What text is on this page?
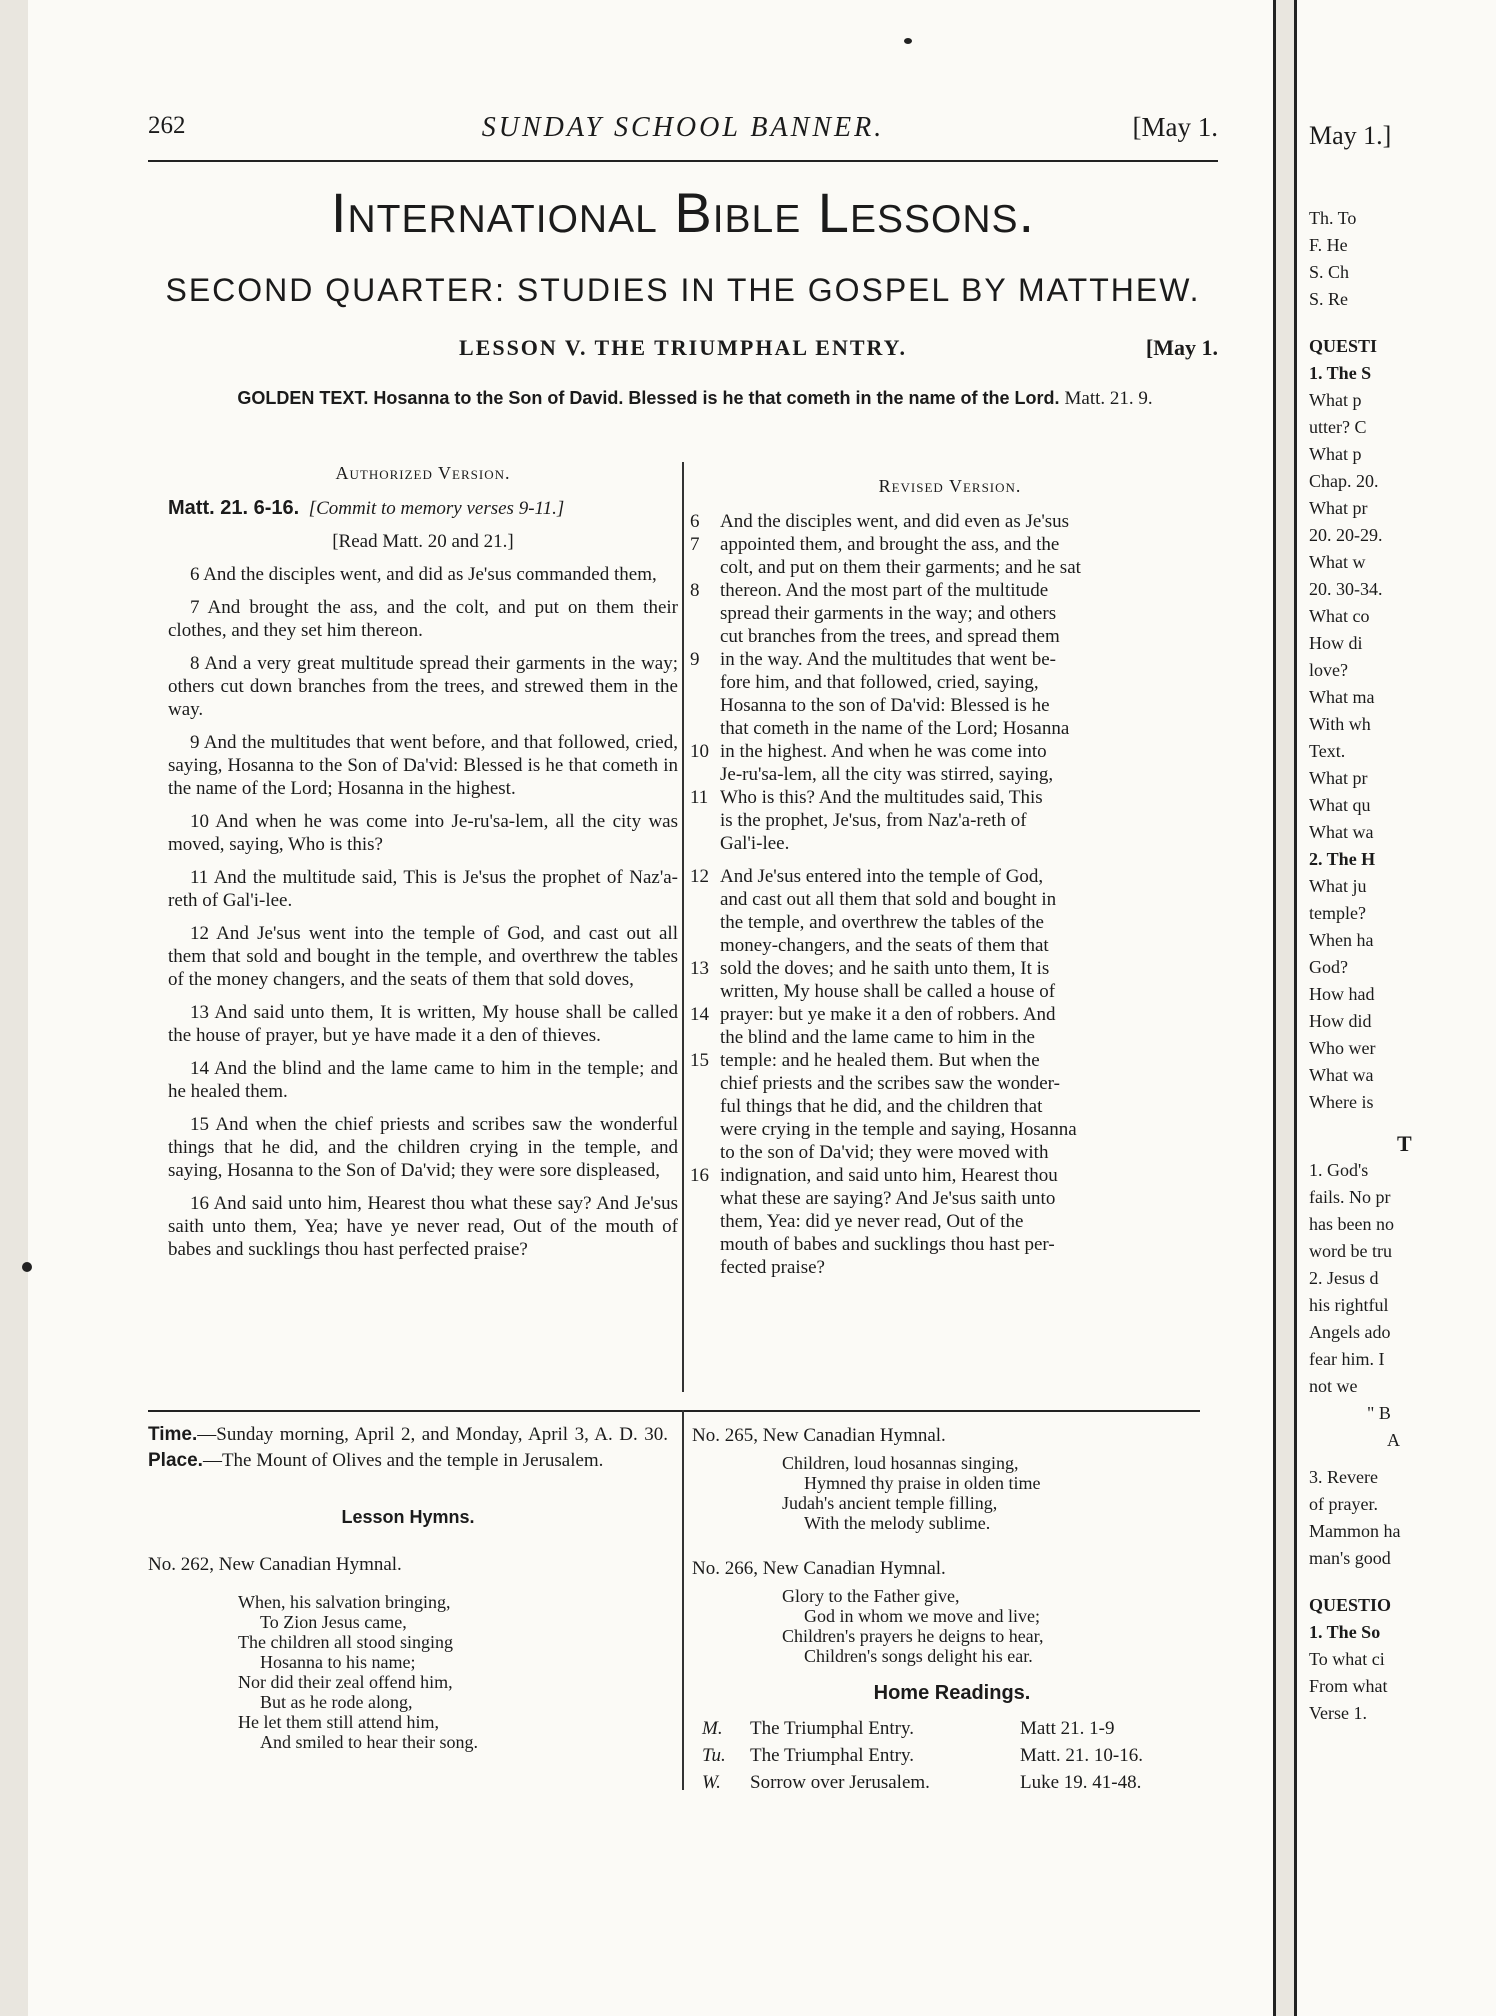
May 1.]
Th. To
F. He
S. Ch
S. Re
QUESTI
1. The S
What p
utter? C
What p
Chap. 20.
What pr
20. 20-29.
What w
20. 30-34.
What co
How di
love?
What ma
With wh
Text.
What pr
What qu
What wa
2. The H
What ju
temple?
When ha
God?
How had
How did
Who wer
What wa
Where is
T
1. God's
fails. No pr
has been no
word be tru
2. Jesus d
his rightful
Angels ado
fear him. I
not we
" B
A
3. Revere
of prayer.
Mammon ha
man's good
QUESTIO
1. The So
To what ci
From what
Verse 1.
262	SUNDAY SCHOOL BANNER.	[May 1.
International Bible Lessons.
SECOND QUARTER: STUDIES IN THE GOSPEL BY MATTHEW.
LESSON V. THE TRIUMPHAL ENTRY.	[May 1.
GOLDEN TEXT. Hosanna to the Son of David. Blessed is he that cometh in the name of the Lord. Matt. 21. 9.
Authorized Version.
Matt. 21. 6-16. [Commit to memory verses 9-11.]
[Read Matt. 20 and 21.]

6 And the disciples went, and did as Je'sus commanded them,

7 And brought the ass, and the colt, and put on them their clothes, and they set him thereon.

8 And a very great multitude spread their garments in the way; others cut down branches from the trees, and strewed them in the way.

9 And the multitudes that went before, and that followed, cried, saying, Hosanna to the Son of Da'vid: Blessed is he that cometh in the name of the Lord; Hosanna in the highest.

10 And when he was come into Je-ru'sa-lem, all the city was moved, saying, Who is this?

11 And the multitude said, This is Je'sus the prophet of Naz'a-reth of Gal'i-lee.

12 And Je'sus went into the temple of God, and cast out all them that sold and bought in the temple, and overthrew the tables of the money changers, and the seats of them that sold doves,

13 And said unto them, It is written, My house shall be called the house of prayer, but ye have made it a den of thieves.

14 And the blind and the lame came to him in the temple; and he healed them.

15 And when the chief priests and scribes saw the wonderful things that he did, and the children crying in the temple, and saying, Hosanna to the Son of Da'vid; they were sore displeased,

16 And said unto him, Hearest thou what these say? And Je'sus saith unto them, Yea; have ye never read, Out of the mouth of babes and sucklings thou hast perfected praise?

Revised Version.
6	And the disciples went, and did even as Je'sus
7	appointed them, and brought the ass, and the
colt, and put on them their garments; and he sat
8	thereon. And the most part of the multitude
spread their garments in the way; and others
cut branches from the trees, and spread them
9	in the way. And the multitudes that went be-
fore him, and that followed, cried, saying,
Hosanna to the son of Da'vid: Blessed is he
that cometh in the name of the Lord; Hosanna
10 in the highest. And when he was come into
Je-ru'sa-lem, all the city was stirred, saying,
11 Who is this? And the multitudes said, This
is the prophet, Je'sus, from Naz'a-reth of
Gal'i-lee.
12 And Je'sus entered into the temple of God,
and cast out all them that sold and bought in
the temple, and overthrew the tables of the
money-changers, and the seats of them that
13 sold the doves; and he saith unto them, It is
written, My house shall be called a house of
14 prayer: but ye make it a den of robbers. And
the blind and the lame came to him in the
15 temple: and he healed them. But when the
chief priests and the scribes saw the wonder-
ful things that he did, and the children that
were crying in the temple and saying, Hosanna
to the son of Da'vid; they were moved with
16 indignation, and said unto him, Hearest thou
what these are saying? And Je'sus saith unto
them, Yea: did ye never read, Out of the
mouth of babes and sucklings thou hast per-
fected praise?
Time.—Sunday morning, April 2, and Monday, April 3, A. D. 30. Place.—The Mount of Olives and the temple in Jerusalem.
Lesson Hymns.
No. 262, New Canadian Hymnal.
When, his salvation bringing,
To Zion Jesus came,
The children all stood singing
Hosanna to his name;
Nor did their zeal offend him,
But as he rode along,
He let them still attend him,
And smiled to hear their song.
No. 265, New Canadian Hymnal.
Children, loud hosannas singing,
Hymned thy praise in olden time
Judah's ancient temple filling,
With the melody sublime.
No. 266, New Canadian Hymnal.
Glory to the Father give,
God in whom we move and live;
Children's prayers he deigns to hear,
Children's songs delight his ear.
Home Readings.
M.	The Triumphal Entry.	Matt 21. 1-9
Tu.	The Triumphal Entry.	Matt. 21. 10-16.
W.	Sorrow over Jerusalem.	Luke 19. 41-48.
